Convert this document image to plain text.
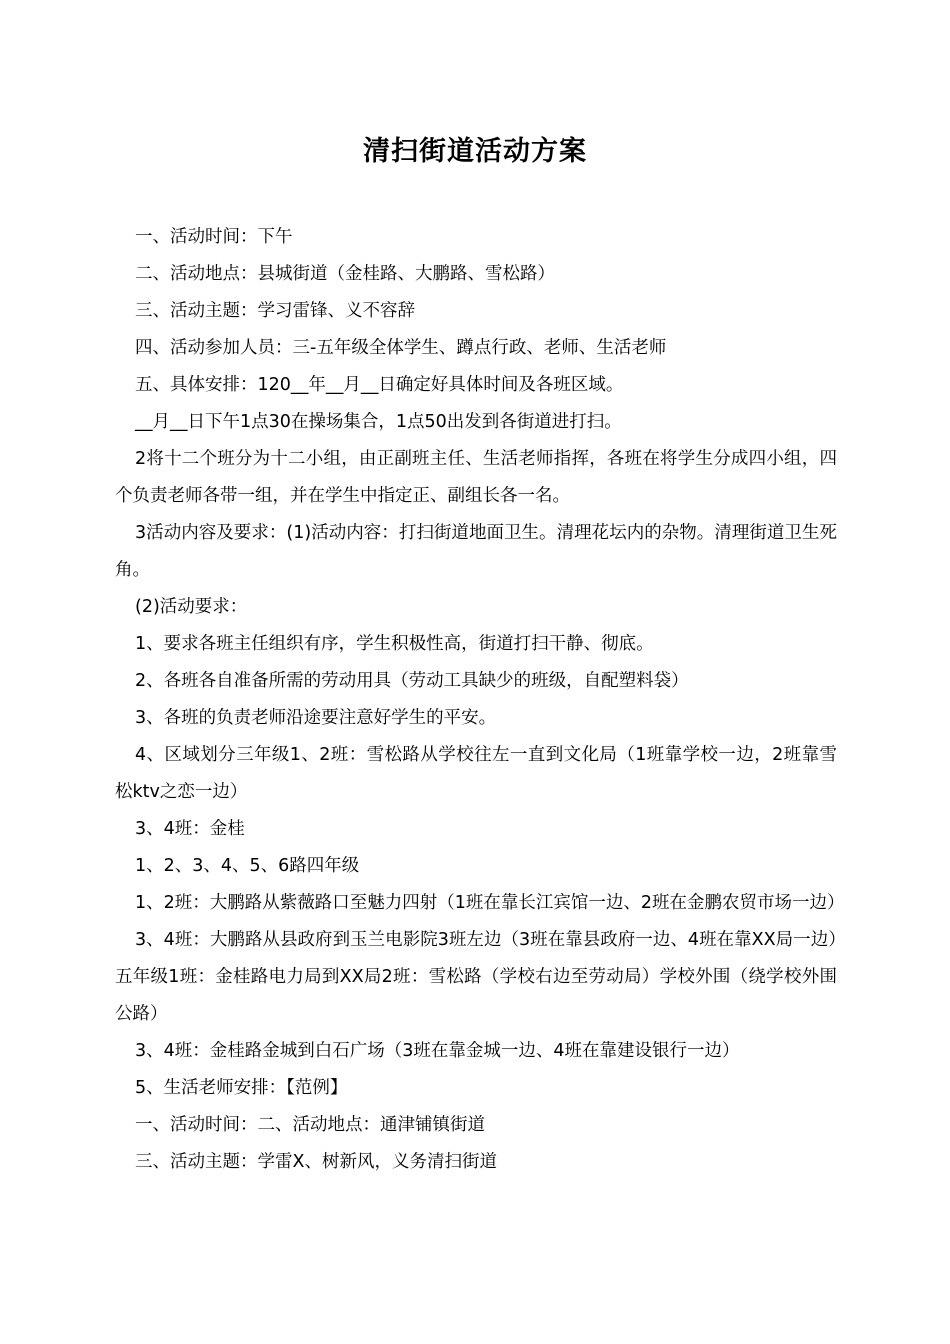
清扫街道活动方案

一、活动时间：下午

二、活动地点：县城街道（金桂路、大鹏路、雪松路）

三、活动主题：学习雷锋、义不容辞

四、活动参加人员：三-五年级全体学生、蹲点行政、老师、生活老师

五、具体安排：120__年__月__日确定好具体时间及各班区域。

__月__日下午1点30在操场集合，1点50出发到各街道进打扫。

2将十二个班分为十二小组，由正副班主任、生活老师指挥，各班在将学生分成四小组，四个负责老师各带一组，并在学生中指定正、副组长各一名。

3活动内容及要求：(1)活动内容：打扫街道地面卫生。清理花坛内的杂物。清理街道卫生死角。

(2)活动要求：

1、要求各班主任组织有序，学生积极性高，街道打扫干静、彻底。

2、各班各自准备所需的劳动用具（劳动工具缺少的班级，自配塑料袋）

3、各班的负责老师沿途要注意好学生的平安。

4、区域划分三年级1、2班：雪松路从学校往左一直到文化局（1班靠学校一边，2班靠雪松ktv之恋一边）

3、4班：金桂

1、2、3、4、5、6路四年级

1、2班：大鹏路从紫薇路口至魅力四射（1班在靠长江宾馆一边、2班在金鹏农贸市场一边）

3、4班：大鹏路从县政府到玉兰电影院3班左边（3班在靠县政府一边、4班在靠XX局一边）五年级1班：金桂路电力局到XX局2班：雪松路（学校右边至劳动局）学校外围（绕学校外围公路）

3、4班：金桂路金城到白石广场（3班在靠金城一边、4班在靠建设银行一边）

5、生活老师安排：【范例】

一、活动时间：二、活动地点：通津铺镇街道

三、活动主题：学雷X、树新风，义务清扫街道
